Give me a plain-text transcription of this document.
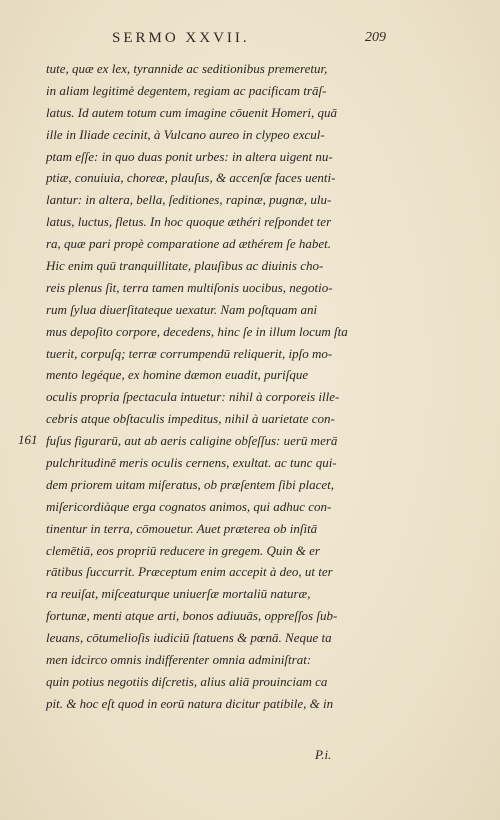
SERMO XXVII.	209
161
tute, quæ ex lex, tyrannide ac seditionibus premeretur,
in aliam legitimè degentem, regiam ac pacificam trāſ-
latus. Id autem totum cum imagine cōuenit Homeri, quā
ille in Iliade cecinit, à Vulcano aureo in clypeo excul-
ptam eſſe: in quo duas ponit urbes: in altera uigent nu-
ptiæ, conuiuia, choreæ, plauſus, & accenſæ faces uenti-
lantur: in altera, bella, ſeditiones, rapinæ, pugnæ, ulu-
latus, luctus, fletus. In hoc quoque æthéri reſpondet ter
ra, quæ pari propè comparatione ad æthérem ſe habet.
Hic enim quū tranquillitate, plauſibus ac diuinis cho-
reis plenus ſit, terra tamen multiſonis uocibus, negotio-
rum ſylua diuerſitateque uexatur. Nam poſtquam ani
mus depoſito corpore, decedens, hinc ſe in illum locum ſta
tuerit, corpuſq; terræ corrumpendū reliquerit, ipſo mo-
mento legéque, ex homine dæmon euadit, puriſque
oculis propria ſpectacula intuetur: nihil à corporeis ille-
cebris atque obſtaculis impeditus, nihil à uarietate con-
fuſus figurarū, aut ab aeris caligine obſeſſus: uerū merā
pulchritudinē meris oculis cernens, exultat. ac tunc qui-
dem priorem uitam miſeratus, ob præſentem ſibi placet,
miſericordiàque erga cognatos animos, qui adhuc con-
tinentur in terra, cōmouetur. Auet præterea ob inſitā
clemētiā, eos propriū reducere in gregem. Quin & er
rātibus ſuccurrit. Præceptum enim accepit à deo, ut ter
ra reuiſat, miſceaturque uniuerſæ mortaliū naturæ,
fortunæ, menti atque arti, bonos adiuuās, oppreſſos ſub-
leuans, cōtumelioſis iudiciū ſtatuens & pœnā. Neque ta
men idcirco omnis indifferenter omnia adminiſtrat:
quin potius negotiis diſcretis, alius aliā prouinciam ca
pit. & hoc eſt quod in eorū natura dicitur patibile, & in
P.i.
